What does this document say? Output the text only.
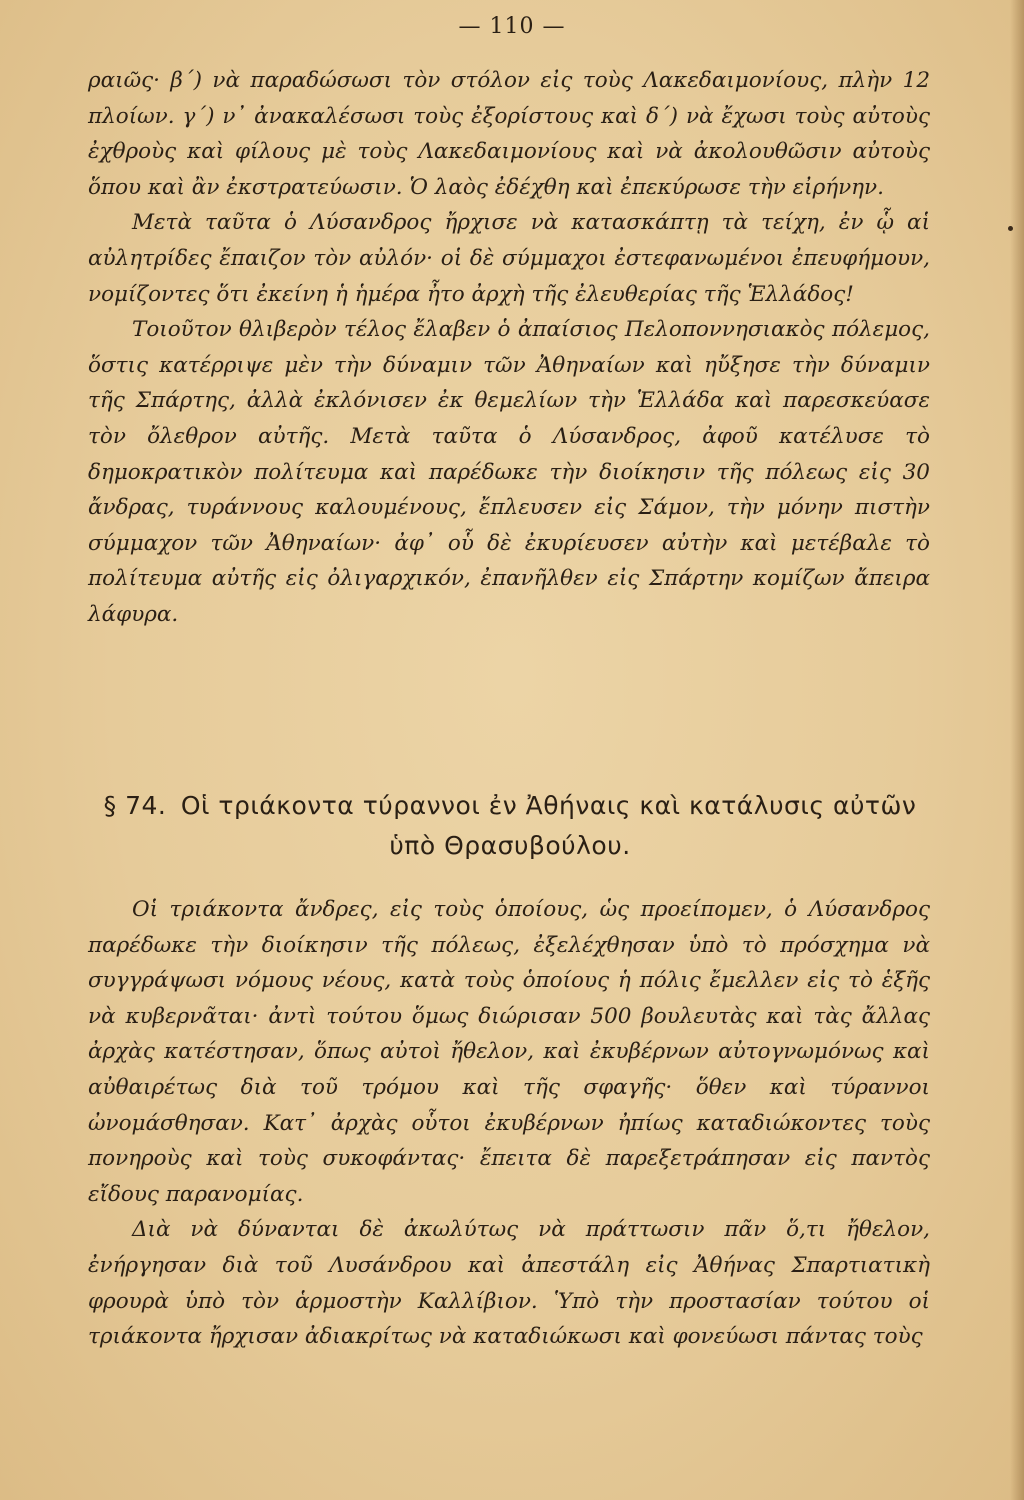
— 110 —

ραιῶς· β΄) νὰ παραδώσωσι τὸν στόλον εἰς τοὺς Λακεδαιμονίους, πλὴν 12 πλοίων. γ΄) ν᾿ ἀνακαλέσωσι τοὺς ἐξορίστους καὶ δ΄) νὰ ἔχωσι τοὺς αὐτοὺς ἐχθροὺς καὶ φίλους μὲ τοὺς Λακεδαιμονίους καὶ νὰ ἀκολουθῶσιν αὐτοὺς ὅπου καὶ ἂν ἐκστρατεύωσιν. Ὁ λαὸς ἐδέχθη καὶ ἐπεκύρωσε τὴν εἰρήνην.

Μετὰ ταῦτα ὁ Λύσανδρος ἤρχισε νὰ κατασκάπτῃ τὰ τείχη, ἐν ᾧ αἱ αὐλητρίδες ἔπαιζον τὸν αὐλόν· οἱ δὲ σύμμαχοι ἐστεφανωμένοι ἐπευφήμουν, νομίζοντες ὅτι ἐκείνη ἡ ἡμέρα ἦτο ἀρχὴ τῆς ἐλευθερίας τῆς Ἑλλάδος!

Τοιοῦτον θλιβερὸν τέλος ἔλαβεν ὁ ἀπαίσιος Πελοποννησιακὸς πόλεμος, ὅστις κατέρριψε μὲν τὴν δύναμιν τῶν Ἀθηναίων καὶ ηὔξησε τὴν δύναμιν τῆς Σπάρτης, ἀλλὰ ἐκλόνισεν ἐκ θεμελίων τὴν Ἑλλάδα καὶ παρεσκεύασε τὸν ὄλεθρον αὐτῆς. Μετὰ ταῦτα ὁ Λύσανδρος, ἀφοῦ κατέλυσε τὸ δημοκρατικὸν πολίτευμα καὶ παρέδωκε τὴν διοίκησιν τῆς πόλεως εἰς 30 ἄνδρας, τυράννους καλουμένους, ἔπλευσεν εἰς Σάμον, τὴν μόνην πιστὴν σύμμαχον τῶν Ἀθηναίων· ἀφ᾿ οὗ δὲ ἐκυρίευσεν αὐτὴν καὶ μετέβαλε τὸ πολίτευμα αὐτῆς εἰς ὀλιγαρχικόν, ἐπανῆλθεν εἰς Σπάρτην κομίζων ἄπειρα λάφυρα.

§ 74. Οἱ τριάκοντα τύραννοι ἐν Ἀθήναις καὶ κατάλυσις αὐτῶν ὑπὸ Θρασυβούλου.

Οἱ τριάκοντα ἄνδρες, εἰς τοὺς ὁποίους, ὡς προείπομεν, ὁ Λύσανδρος παρέδωκε τὴν διοίκησιν τῆς πόλεως, ἐξελέχθησαν ὑπὸ τὸ πρόσχημα νὰ συγγράψωσι νόμους νέους, κατὰ τοὺς ὁποίους ἡ πόλις ἔμελλεν εἰς τὸ ἑξῆς νὰ κυβερνᾶται· ἀντὶ τούτου ὅμως διώρισαν 500 βουλευτὰς καὶ τὰς ἄλλας ἀρχὰς κατέστησαν, ὅπως αὐτοὶ ἤθελον, καὶ ἐκυβέρνων αὐτογνωμόνως καὶ αὐθαιρέτως διὰ τοῦ τρόμου καὶ τῆς σφαγῆς· ὅθεν καὶ τύραννοι ὠνομάσθησαν. Κατ᾿ ἀρχὰς οὗτοι ἐκυβέρνων ἠπίως καταδιώκοντες τοὺς πονηροὺς καὶ τοὺς συκοφάντας· ἔπειτα δὲ παρεξετράπησαν εἰς παντὸς εἴδους παρανομίας.

Διὰ νὰ δύνανται δὲ ἀκωλύτως νὰ πράττωσιν πᾶν ὅ,τι ἤθελον, ἐνήργησαν διὰ τοῦ Λυσάνδρου καὶ ἀπεστάλη εἰς Ἀθήνας Σπαρτιατικὴ φρουρὰ ὑπὸ τὸν ἁρμοστὴν Καλλίβιον. Ὑπὸ τὴν προστασίαν τούτου οἱ τριάκοντα ἤρχισαν ἀδιακρίτως νὰ καταδιώκωσι καὶ φονεύωσι πάντας τοὺς
